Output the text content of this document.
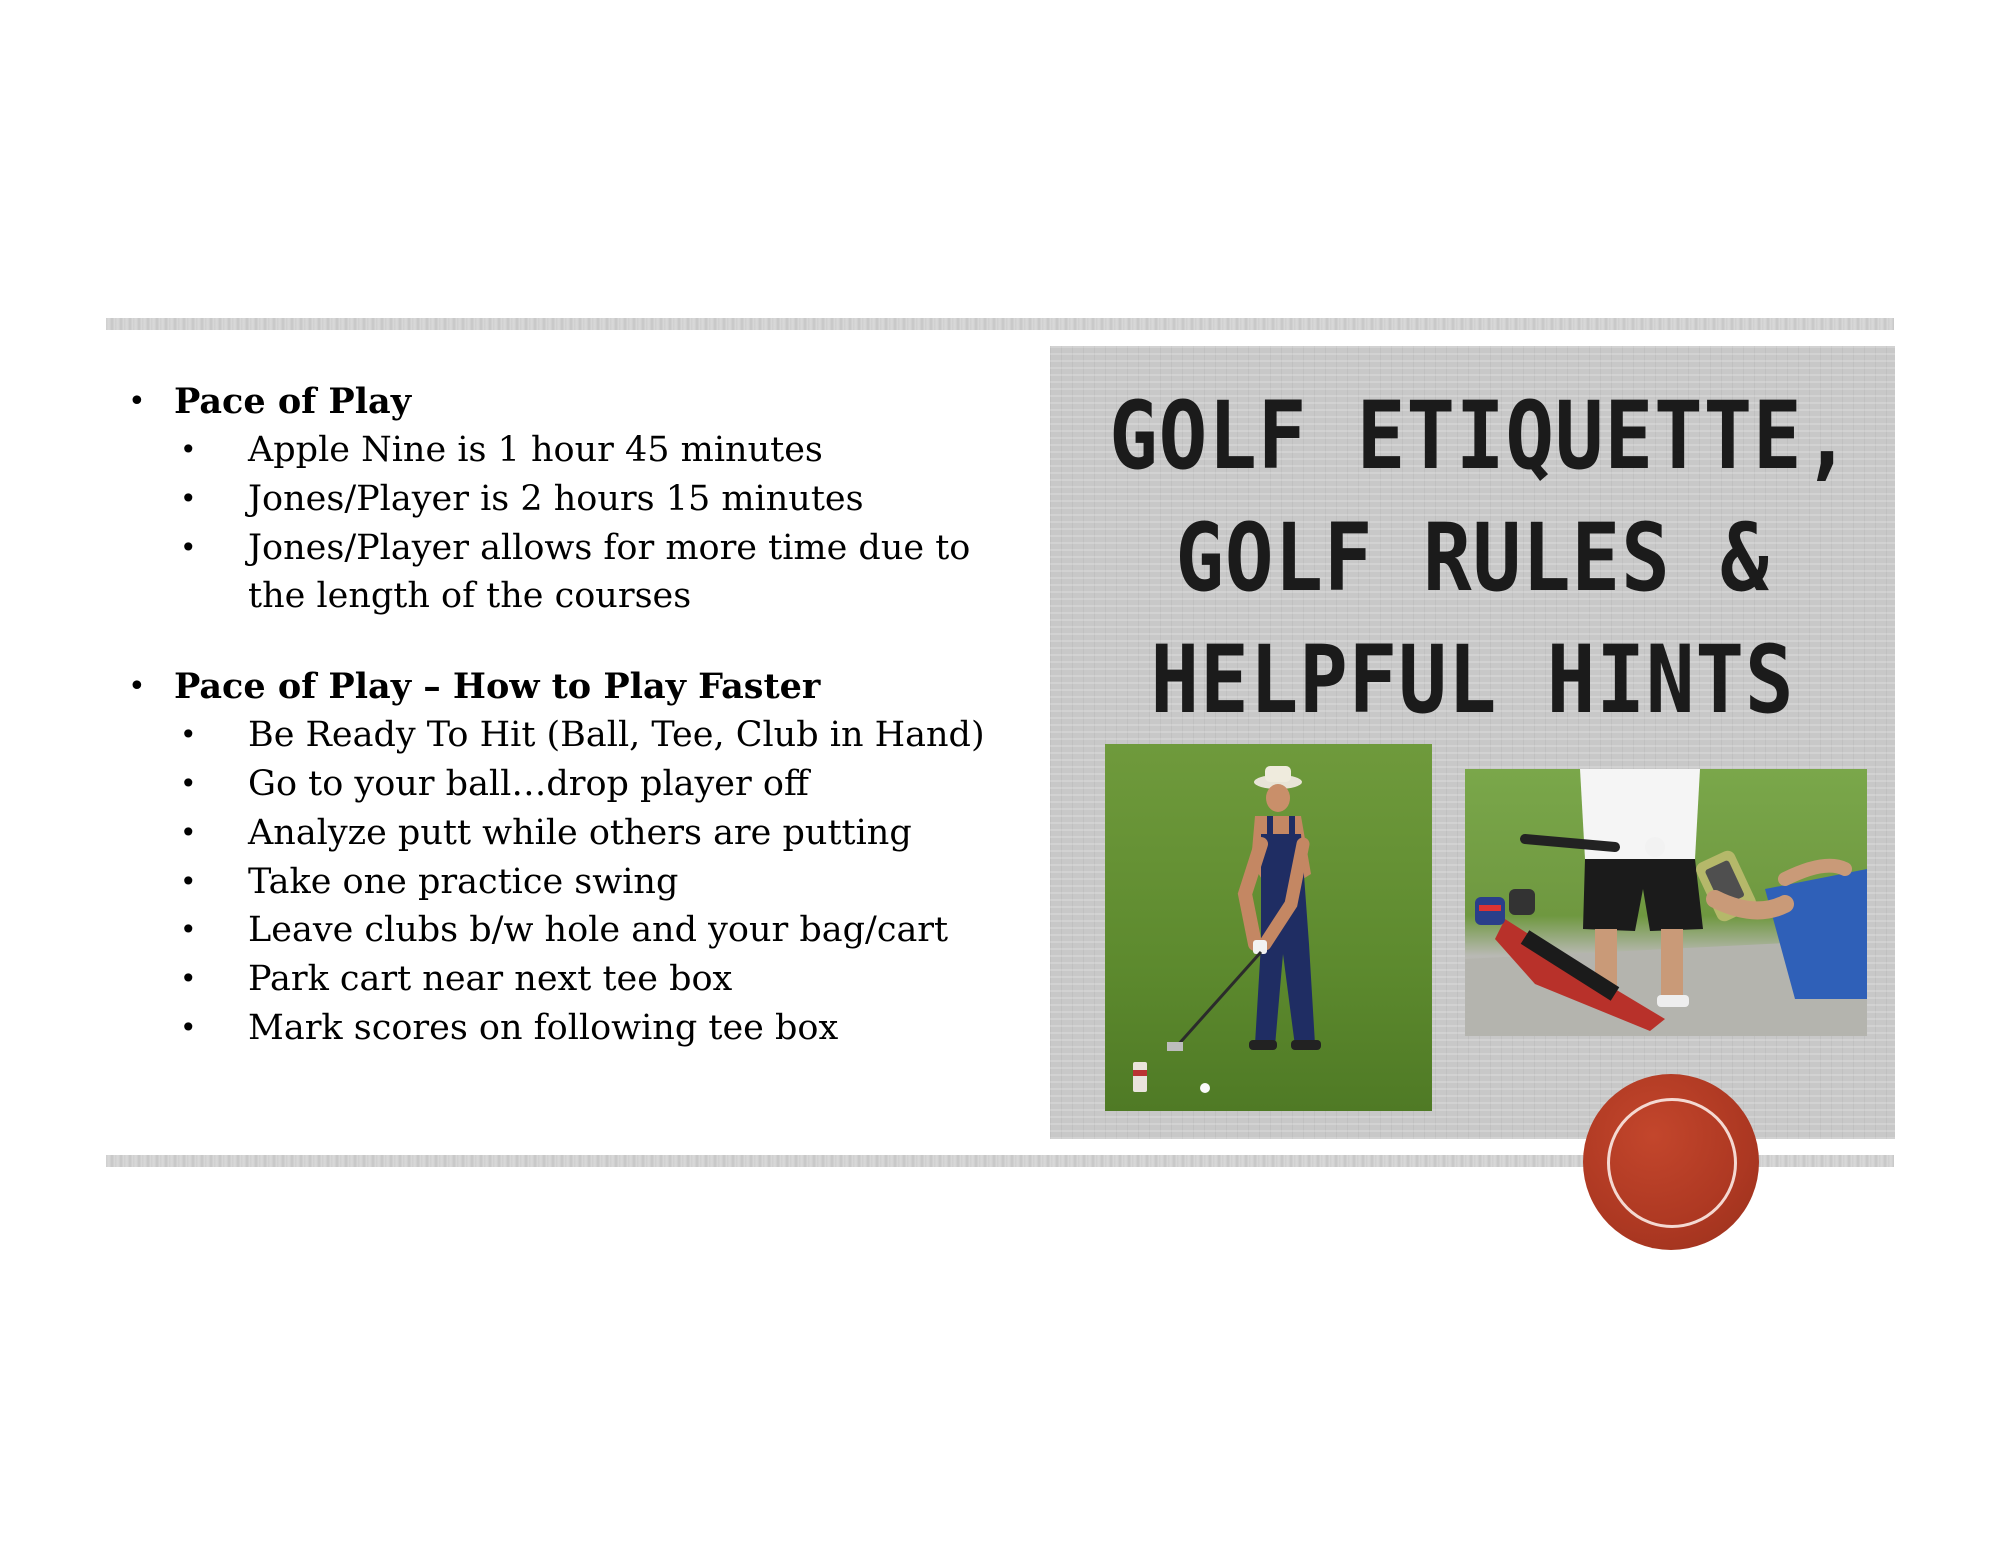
• Pace of Play
• Apple Nine is 1 hour 45 minutes
• Jones/Player is 2 hours 15 minutes
• Jones/Player allows for more time due to
the length of the courses
• Pace of Play – How to Play Faster
• Be Ready To Hit (Ball, Tee, Club in Hand)
• Go to your ball…drop player off
• Analyze putt while others are putting
• Take one practice swing
• Leave clubs b/w hole and your bag/cart
• Park cart near next tee box
• Mark scores on following tee box
GOLF ETIQUETTE,
GOLF RULES &
HELPFUL HINTS
